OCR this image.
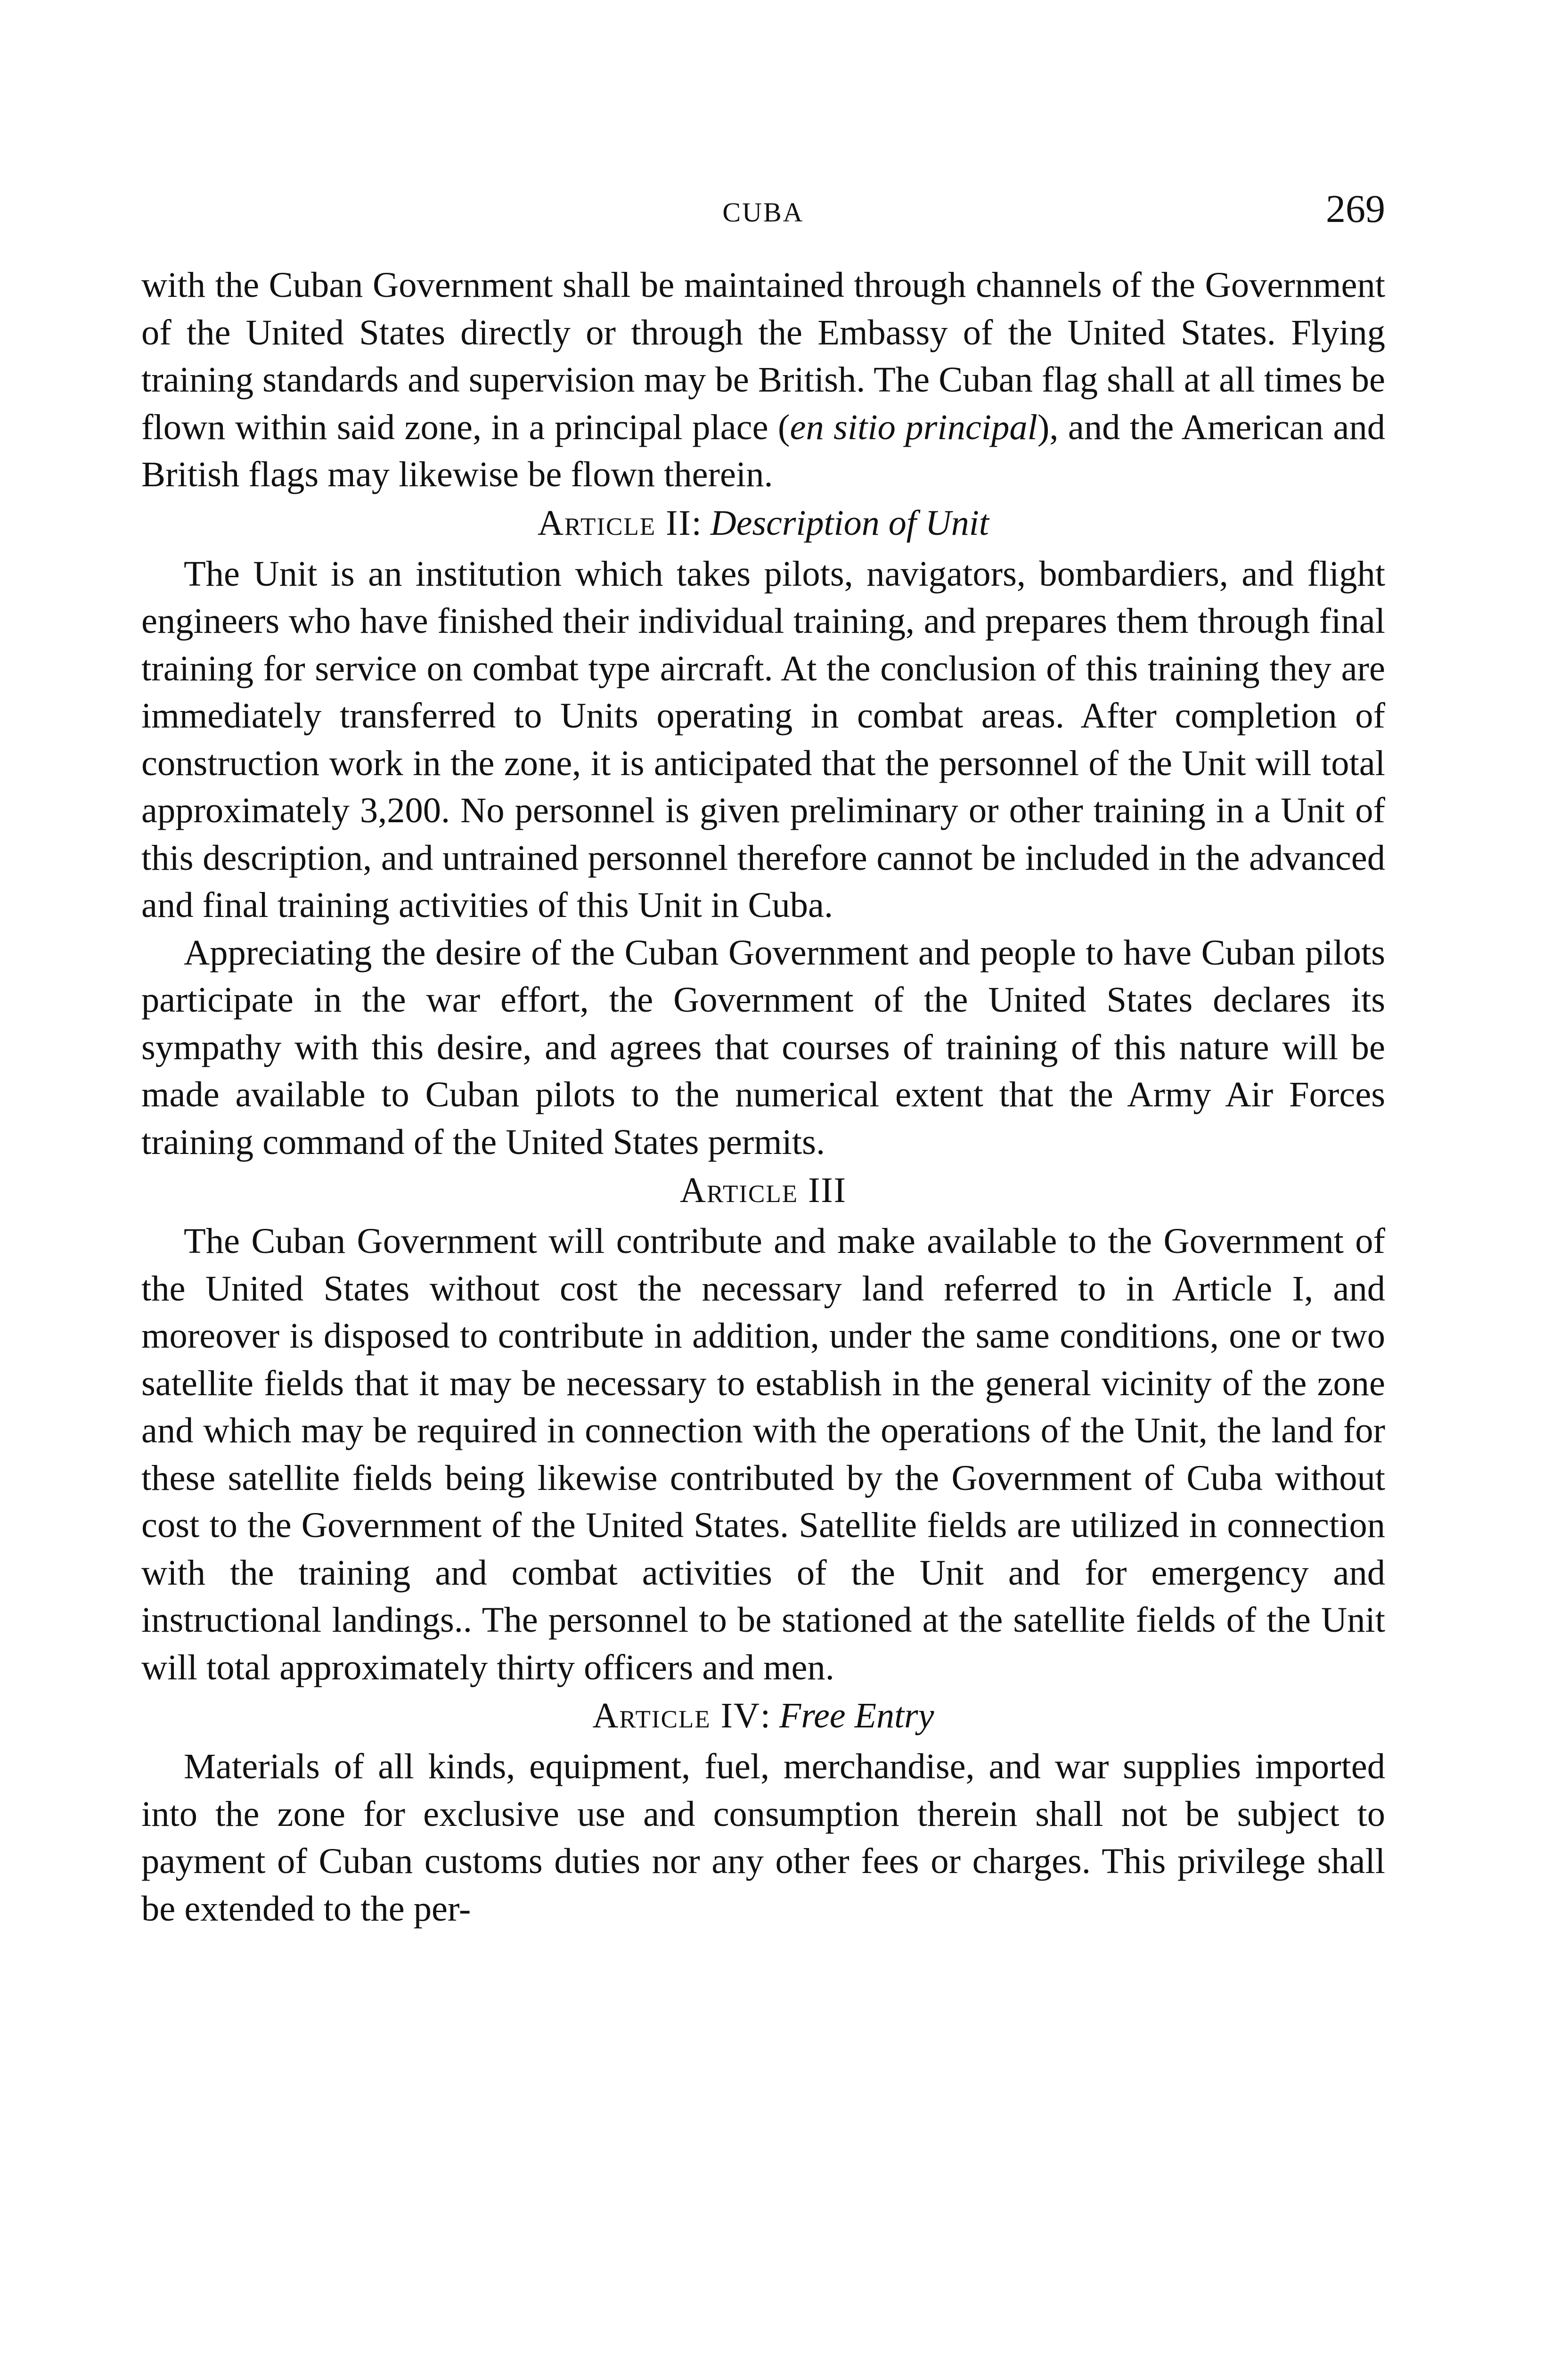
CUBA	269

with the Cuban Government shall be maintained through channels of the Government of the United States directly or through the Embassy of the United States. Flying training standards and supervision may be British. The Cuban flag shall at all times be flown within said zone, in a principal place (en sitio principal), and the American and British flags may likewise be flown therein.

Article II: Description of Unit

The Unit is an institution which takes pilots, navigators, bombardiers, and flight engineers who have finished their individual training, and prepares them through final training for service on combat type aircraft. At the conclusion of this training they are immediately transferred to Units operating in combat areas. After completion of construction work in the zone, it is anticipated that the personnel of the Unit will total approximately 3,200. No personnel is given preliminary or other training in a Unit of this description, and untrained personnel therefore cannot be included in the advanced and final training activities of this Unit in Cuba.

Appreciating the desire of the Cuban Government and people to have Cuban pilots participate in the war effort, the Government of the United States declares its sympathy with this desire, and agrees that courses of training of this nature will be made available to Cuban pilots to the numerical extent that the Army Air Forces training command of the United States permits.

Article III

The Cuban Government will contribute and make available to the Government of the United States without cost the necessary land referred to in Article I, and moreover is disposed to contribute in addition, under the same conditions, one or two satellite fields that it may be necessary to establish in the general vicinity of the zone and which may be required in connection with the operations of the Unit, the land for these satellite fields being likewise contributed by the Government of Cuba without cost to the Government of the United States. Satellite fields are utilized in connection with the training and combat activities of the Unit and for emergency and instructional landings.. The personnel to be stationed at the satellite fields of the Unit will total approximately thirty officers and men.

Article IV: Free Entry

Materials of all kinds, equipment, fuel, merchandise, and war supplies imported into the zone for exclusive use and consumption therein shall not be subject to payment of Cuban customs duties nor any other fees or charges. This privilege shall be extended to the per-
